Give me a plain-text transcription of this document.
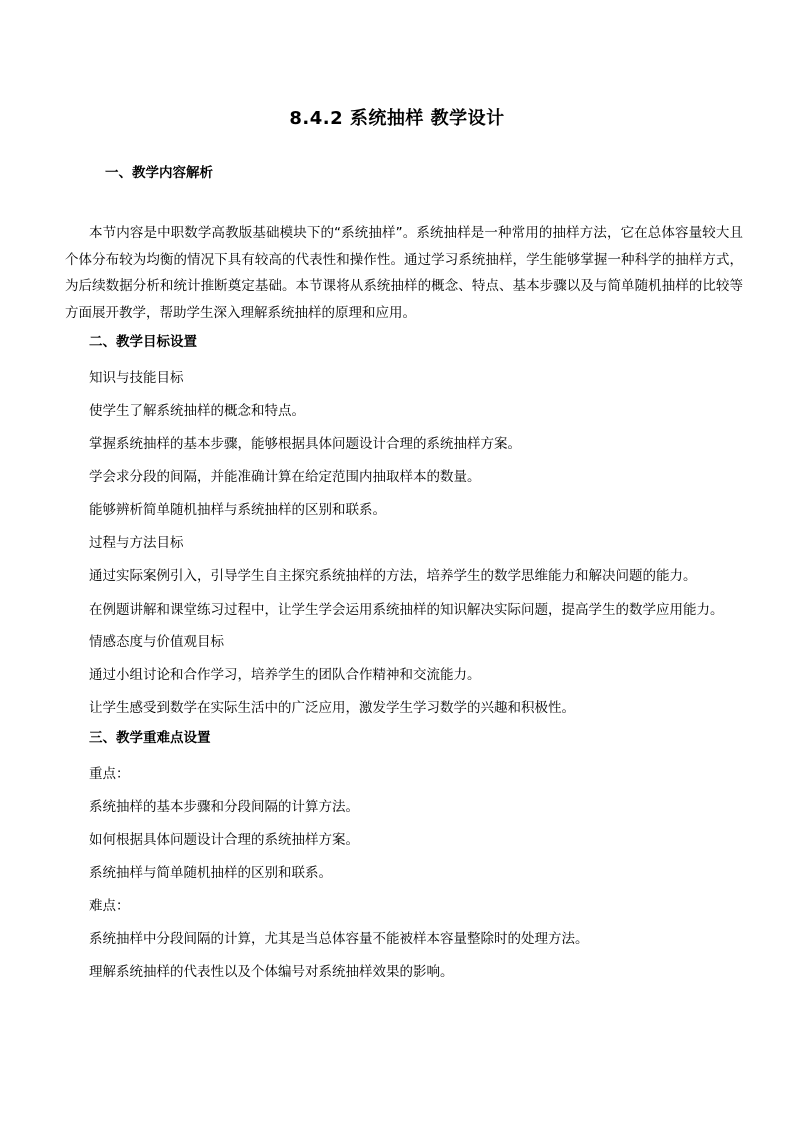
8.4.2 系统抽样 教学设计
一、教学内容解析
本节内容是中职数学高教版基础模块下的“系统抽样”。系统抽样是一种常用的抽样方法，它在总体容量较大且个体分布较为均衡的情况下具有较高的代表性和操作性。通过学习系统抽样，学生能够掌握一种科学的抽样方式，为后续数据分析和统计推断奠定基础。本节课将从系统抽样的概念、特点、基本步骤以及与简单随机抽样的比较等方面展开教学，帮助学生深入理解系统抽样的原理和应用。
二、教学目标设置
知识与技能目标
使学生了解系统抽样的概念和特点。
掌握系统抽样的基本步骤，能够根据具体问题设计合理的系统抽样方案。
学会求分段的间隔，并能准确计算在给定范围内抽取样本的数量。
能够辨析简单随机抽样与系统抽样的区别和联系。
过程与方法目标
通过实际案例引入，引导学生自主探究系统抽样的方法，培养学生的数学思维能力和解决问题的能力。
在例题讲解和课堂练习过程中，让学生学会运用系统抽样的知识解决实际问题，提高学生的数学应用能力。
情感态度与价值观目标
通过小组讨论和合作学习，培养学生的团队合作精神和交流能力。
让学生感受到数学在实际生活中的广泛应用，激发学生学习数学的兴趣和积极性。
三、教学重难点设置
重点：
系统抽样的基本步骤和分段间隔的计算方法。
如何根据具体问题设计合理的系统抽样方案。
系统抽样与简单随机抽样的区别和联系。
难点：
系统抽样中分段间隔的计算，尤其是当总体容量不能被样本容量整除时的处理方法。
理解系统抽样的代表性以及个体编号对系统抽样效果的影响。
